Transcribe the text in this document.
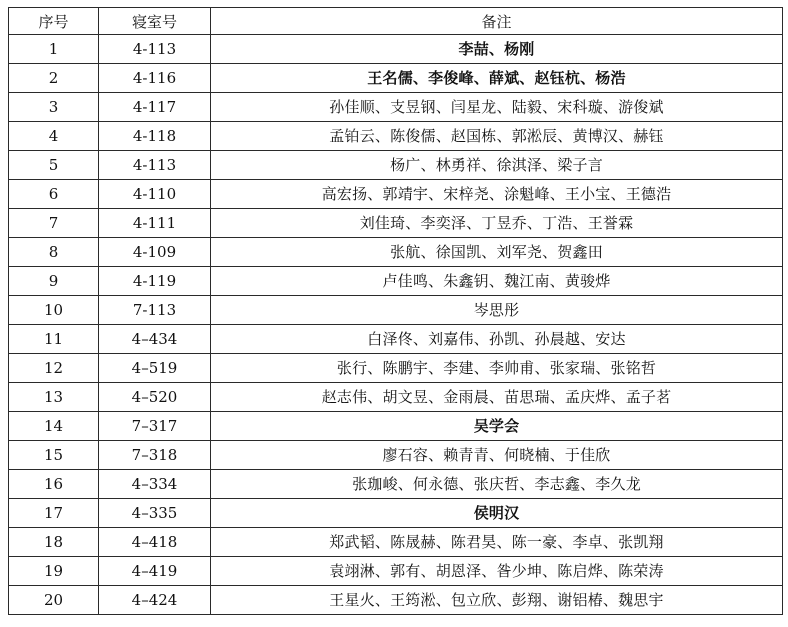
序号	寝室号	备注
1	4-113	李喆、杨刚
2	4-116	王名儒、李俊峰、薛斌、赵钰杭、杨浩
3	4-117	孙佳顺、支昱钢、闫星龙、陆毅、宋科璇、游俊斌
4	4-118	孟铂云、陈俊儒、赵国栋、郭淞辰、黄博汉、赫钰
5	4-113	杨广、林勇祥、徐淇泽、梁子言
6	4-110	高宏扬、郭靖宇、宋梓尧、涂魁峰、王小宝、王德浩
7	4-111	刘佳琦、李奕泽、丁昱乔、丁浩、王誉霖
8	4-109	张航、徐国凯、刘军尧、贺鑫田
9	4-119	卢佳鸣、朱鑫钥、魏江南、黄骏烨
10	7-113	岑思彤
11	4–434	白泽佟、刘嘉伟、孙凯、孙晨越、安达
12	4–519	张行、陈鹏宇、李建、李帅甫、张家瑞、张铭哲
13	4–520	赵志伟、胡文昱、金雨晨、苗思瑞、孟庆烨、孟子茗
14	7–317	吴学会
15	7–318	廖石容、赖青青、何晓楠、于佳欣
16	4–334	张珈峻、何永德、张庆哲、李志鑫、李久龙
17	4–335	侯明汉
18	4–418	郑武韬、陈晟赫、陈君昊、陈一豪、李卓、张凯翔
19	4–419	袁翊淋、郭有、胡恩泽、昝少坤、陈启烨、陈荣涛
20	4–424	王星火、王筠淞、包立欣、彭翔、谢铝椿、魏思宇
